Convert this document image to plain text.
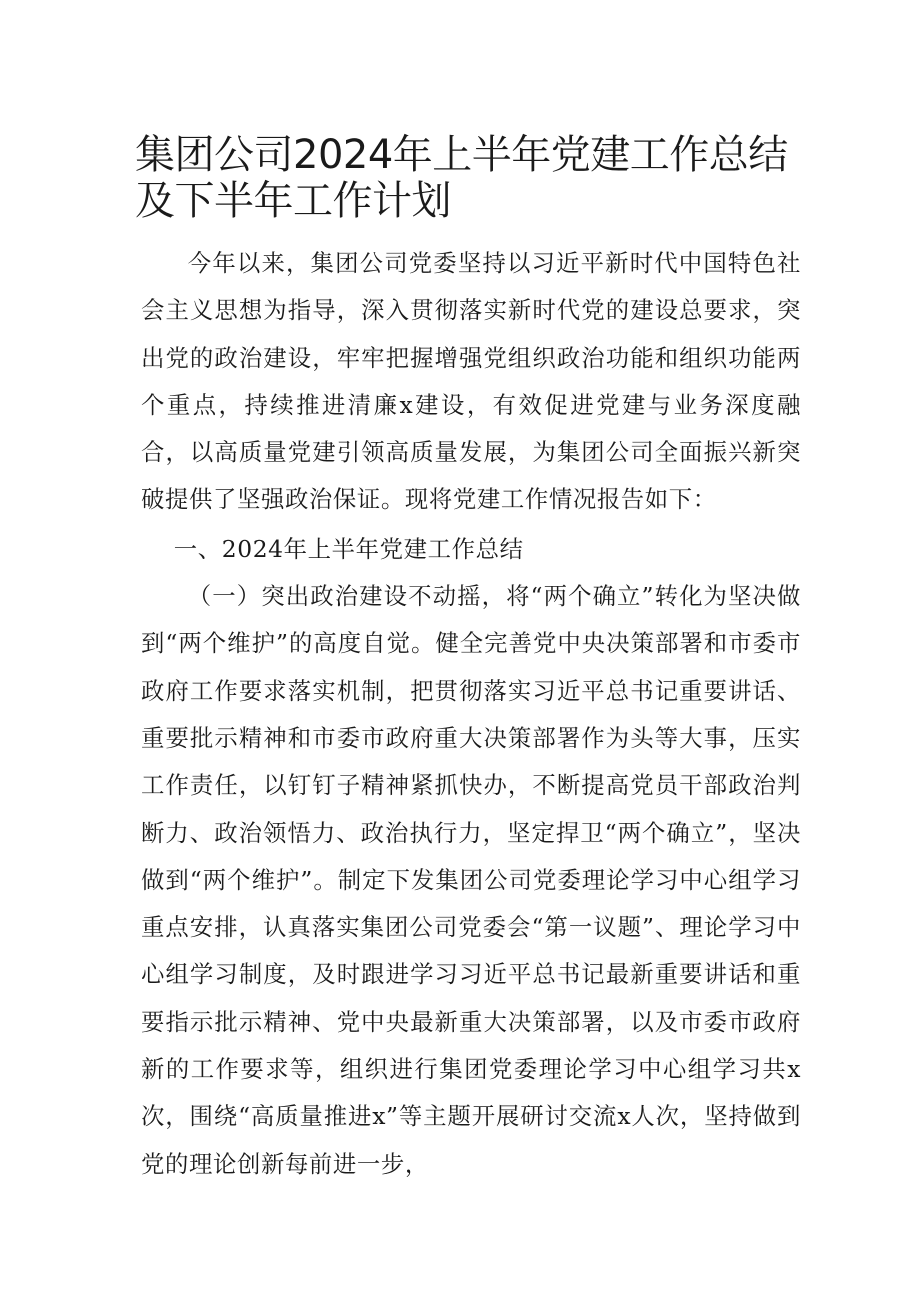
集团公司2024年上半年党建工作总结及下半年工作计划

今年以来，集团公司党委坚持以习近平新时代中国特色社会主义思想为指导，深入贯彻落实新时代党的建设总要求，突出党的政治建设，牢牢把握增强党组织政治功能和组织功能两个重点，持续推进清廉x建设，有效促进党建与业务深度融合，以高质量党建引领高质量发展，为集团公司全面振兴新突破提供了坚强政治保证。现将党建工作情况报告如下：

一、2024年上半年党建工作总结

（一）突出政治建设不动摇，将“两个确立”转化为坚决做到“两个维护”的高度自觉。健全完善党中央决策部署和市委市政府工作要求落实机制，把贯彻落实习近平总书记重要讲话、重要批示精神和市委市政府重大决策部署作为头等大事，压实工作责任，以钉钉子精神紧抓快办，不断提高党员干部政治判断力、政治领悟力、政治执行力，坚定捍卫“两个确立”，坚决做到“两个维护”。制定下发集团公司党委理论学习中心组学习重点安排，认真落实集团公司党委会“第一议题”、理论学习中心组学习制度，及时跟进学习习近平总书记最新重要讲话和重要指示批示精神、党中央最新重大决策部署，以及市委市政府新的工作要求等，组织进行集团党委理论学习中心组学习共x次，围绕“高质量推进x”等主题开展研讨交流x人次，坚持做到党的理论创新每前进一步，
